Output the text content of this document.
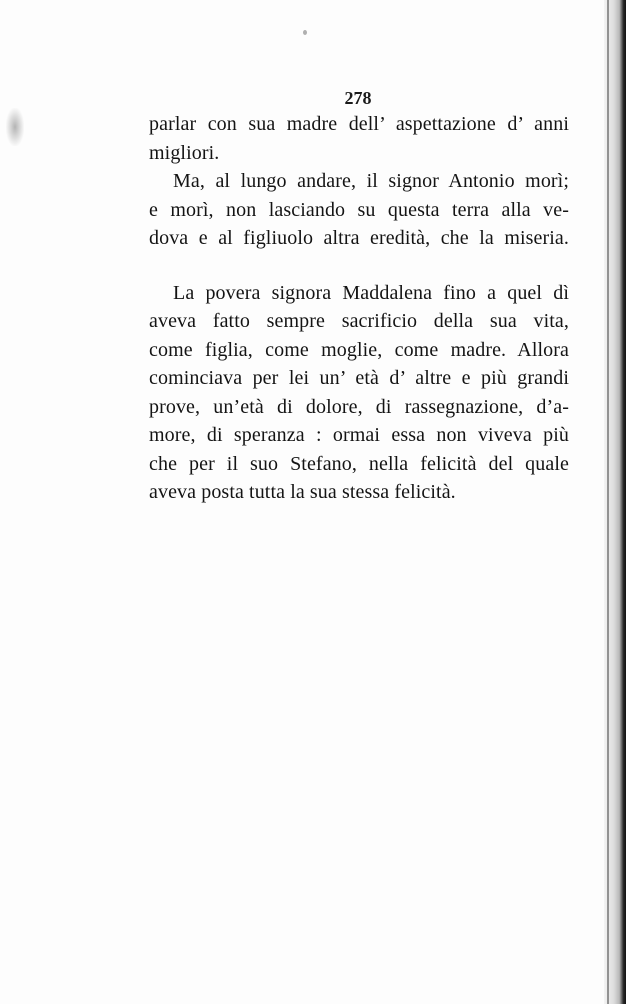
278
parlar con sua madre dell’ aspettazione d’ anni
migliori.
Ma, al lungo andare, il signor Antonio morì;
e morì, non lasciando su questa terra alla ve-
dova e al figliuolo altra eredità, che la miseria.
La povera signora Maddalena fino a quel dì
aveva fatto sempre sacrificio della sua vita,
come figlia, come moglie, come madre. Allora
cominciava per lei un’ età d’ altre e più grandi
prove, un’età di dolore, di rassegnazione, d’a-
more, di speranza : ormai essa non viveva più
che per il suo Stefano, nella felicità del quale
aveva posta tutta la sua stessa felicità.
